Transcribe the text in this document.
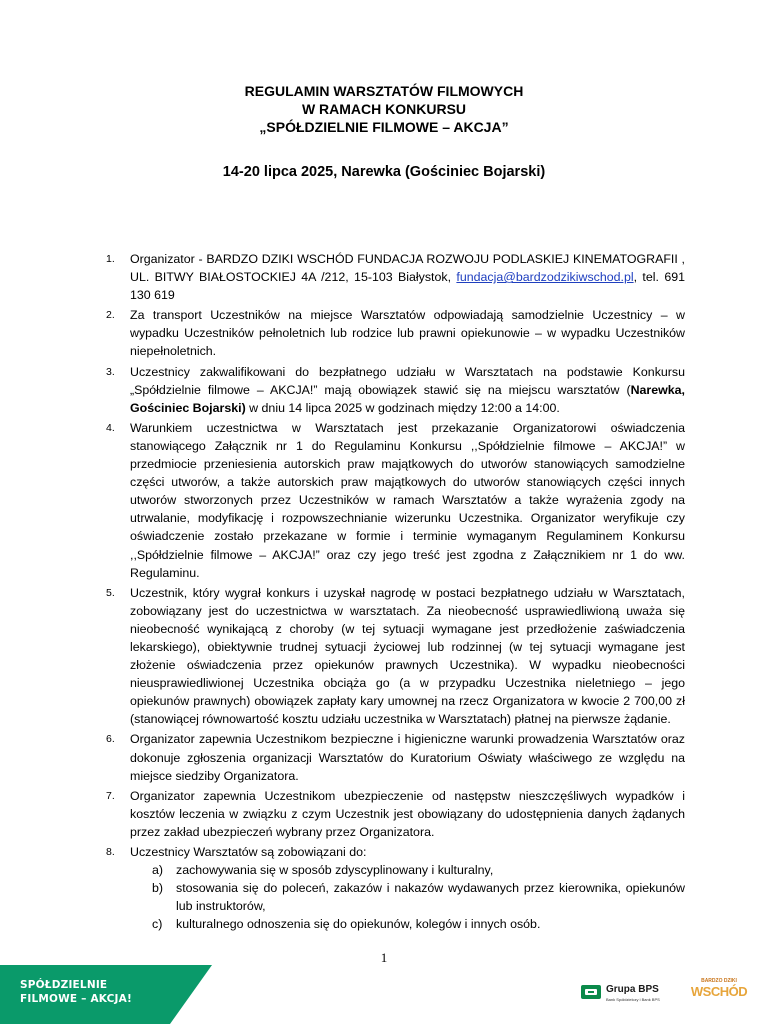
REGULAMIN WARSZTATÓW FILMOWYCH
W RAMACH KONKURSU
„SPÓŁDZIELNIE FILMOWE – AKCJA”
14-20 lipca 2025, Narewka (Gościniec Bojarski)
1.	Organizator - BARDZO DZIKI WSCHÓD FUNDACJA ROZWOJU PODLASKIEJ KINEMATOGRAFII , UL. BITWY BIAŁOSTOCKIEJ 4A /212, 15-103 Białystok, fundacja@bardzodzikiwschod.pl, tel. 691 130 619

2.	Za transport Uczestników na miejsce Warsztatów odpowiadają samodzielnie Uczestnicy – w wypadku Uczestników pełnoletnich lub rodzice lub prawni opiekunowie – w wypadku Uczestników niepełnoletnich.

3.	Uczestnicy zakwalifikowani do bezpłatnego udziału w Warsztatach na podstawie Konkursu „Spółdzielnie filmowe – AKCJA!” mają obowiązek stawić się na miejscu warsztatów (Narewka, Gościniec Bojarski) w dniu 14 lipca 2025 w godzinach między 12:00 a 14:00.

4.	Warunkiem uczestnictwa w Warsztatach jest przekazanie Organizatorowi oświadczenia stanowiącego Załącznik nr 1 do Regulaminu Konkursu ,,Spółdzielnie filmowe – AKCJA!” w przedmiocie przeniesienia autorskich praw majątkowych do utworów stanowiących samodzielne części utworów, a także autorskich praw majątkowych do utworów stanowiących części innych utworów stworzonych przez Uczestników w ramach Warsztatów a także wyrażenia zgody na utrwalanie, modyfikację i rozpowszechnianie wizerunku Uczestnika. Organizator weryfikuje czy oświadczenie zostało przekazane w formie i terminie wymaganym Regulaminem Konkursu ,,Spółdzielnie filmowe – AKCJA!” oraz czy jego treść jest zgodna z Załącznikiem nr 1 do ww. Regulaminu.

5.	Uczestnik, który wygrał konkurs i uzyskał nagrodę w postaci bezpłatnego udziału w Warsztatach, zobowiązany jest do uczestnictwa w warsztatach. Za nieobecność usprawiedliwioną uważa się nieobecność wynikającą z choroby (w tej sytuacji wymagane jest przedłożenie zaświadczenia lekarskiego), obiektywnie trudnej sytuacji życiowej lub rodzinnej (w tej sytuacji wymagane jest złożenie oświadczenia przez opiekunów prawnych Uczestnika). W wypadku nieobecności nieusprawiedliwionej Uczestnika obciąża go (a w przypadku Uczestnika nieletniego – jego opiekunów prawnych) obowiązek zapłaty kary umownej na rzecz Organizatora w kwocie 2 700,00 zł (stanowiącej równowartość kosztu udziału uczestnika w Warsztatach) płatnej na pierwsze żądanie.

6.	Organizator zapewnia Uczestnikom bezpieczne i higieniczne warunki prowadzenia Warsztatów oraz dokonuje zgłoszenia organizacji Warsztatów do Kuratorium Oświaty właściwego ze względu na miejsce siedziby Organizatora.

7.	Organizator zapewnia Uczestnikom ubezpieczenie od następstw nieszczęśliwych wypadków i kosztów leczenia w związku z czym Uczestnik jest obowiązany do udostępnienia danych żądanych przez zakład ubezpieczeń wybrany przez Organizatora.

8.	Uczestnicy Warsztatów są zobowiązani do:

a) zachowywania się w sposób zdyscyplinowany i kulturalny,
b) stosowania się do poleceń, zakazów i nakazów wydawanych przez kierownika, opiekunów lub instruktorów,
c) kulturalnego odnoszenia się do opiekunów, kolegów i innych osób.
1
SPÓŁDZIELNIE
FILMOWE – AKCJA!
Grupa BPS
Bank Spółdzielczy i Bank BPS
BARDZO DZIKI
WSCHÓD
